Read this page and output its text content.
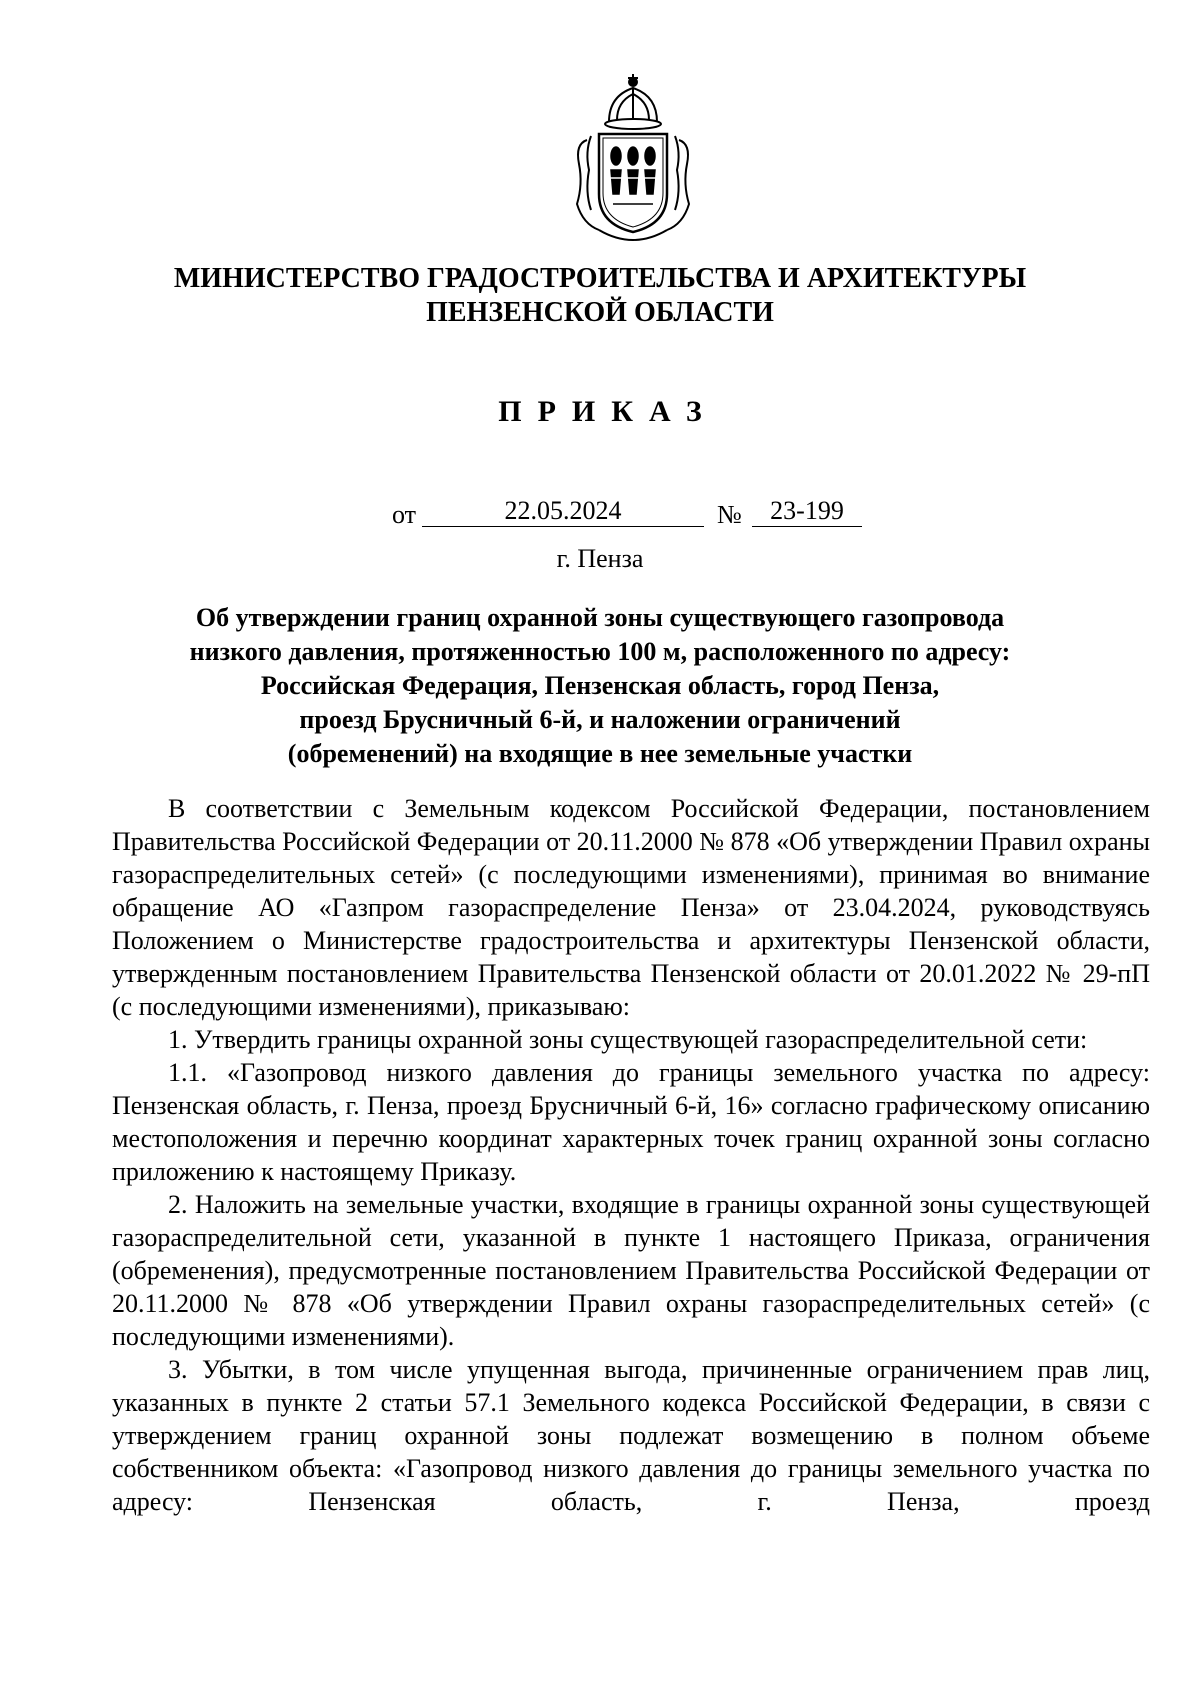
МИНИСТЕРСТВО ГРАДОСТРОИТЕЛЬСТВА И АРХИТЕКТУРЫ
ПЕНЗЕНСКОЙ ОБЛАСТИ
ПРИКАЗ
от	22.05.2024	№	23-199
г. Пенза
Об утверждении границ охранной зоны существующего газопровода
низкого давления, протяженностью 100 м, расположенного по адресу:
Российская Федерация, Пензенская область, город Пенза,
проезд Брусничный 6-й, и наложении ограничений
(обременений) на входящие в нее земельные участки

В соответствии с Земельным кодексом Российской Федерации, постановлением Правительства Российской Федерации от 20.11.2000 № 878 «Об утверждении Правил охраны газораспределительных сетей» (с последующими изменениями), принимая во внимание обращение АО «Газпром газораспределение Пенза» от 23.04.2024, руководствуясь Положением о Министерстве градостроительства и архитектуры Пензенской области, утвержденным постановлением Правительства Пензенской области от 20.01.2022 № 29-пП (с последующими изменениями), приказываю:

1. Утвердить границы охранной зоны существующей газораспределительной сети:

1.1. «Газопровод низкого давления до границы земельного участка по адресу: Пензенская область, г. Пенза, проезд Брусничный 6-й, 16» согласно графическому описанию местоположения и перечню координат характерных точек границ охранной зоны согласно приложению к настоящему Приказу.

2. Наложить на земельные участки, входящие в границы охранной зоны существующей газораспределительной сети, указанной в пункте 1 настоящего Приказа, ограничения (обременения), предусмотренные постановлением Правительства Российской Федерации от 20.11.2000 № 878 «Об утверждении Правил охраны газораспределительных сетей» (с последующими изменениями).

3. Убытки, в том числе упущенная выгода, причиненные ограничением прав лиц, указанных в пункте 2 статьи 57.1 Земельного кодекса Российской Федерации, в связи с утверждением границ охранной зоны подлежат возмещению в полном объеме собственником объекта: «Газопровод низкого давления до границы земельного участка по адресу: Пензенская область, г. Пенза, проезд
